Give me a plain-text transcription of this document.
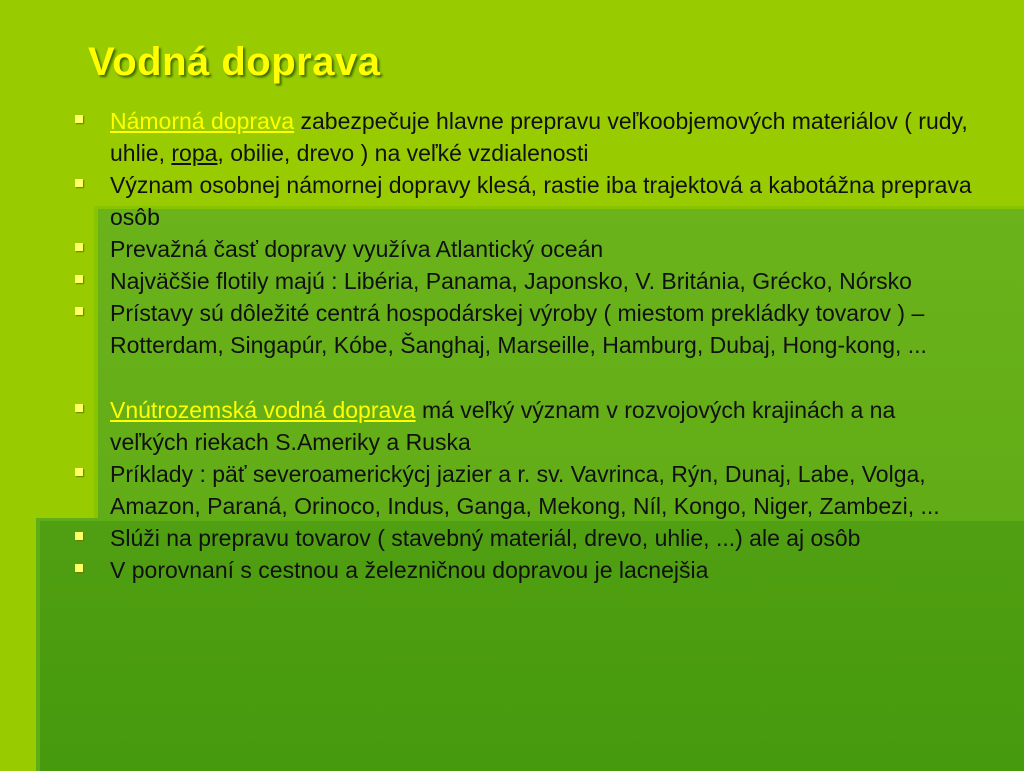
Vodná doprava
Námorná doprava zabezpečuje hlavne prepravu veľkoobjemových materiálov ( rudy, uhlie, ropa, obilie, drevo ) na veľké vzdialenosti
Význam osobnej námornej dopravy klesá, rastie iba trajektová a kabotážna preprava osôb
Prevažná časť dopravy využíva Atlantický oceán
Najväčšie flotily majú : Libéria, Panama, Japonsko, V. Británia, Grécko, Nórsko
Prístavy sú dôležité centrá hospodárskej výroby ( miestom prekládky tovarov ) – Rotterdam, Singapúr, Kóbe, Šanghaj, Marseille, Hamburg, Dubaj, Hong-kong, ...
Vnútrozemská vodná doprava má veľký význam v rozvojových krajinách a na veľkých riekach S.Ameriky a Ruska
Príklady : päť severoamerickýcj jazier a r. sv. Vavrinca, Rýn, Dunaj, Labe, Volga, Amazon, Paraná, Orinoco, Indus, Ganga, Mekong, Níl, Kongo, Niger, Zambezi, ...
Slúži na prepravu tovarov ( stavebný materiál, drevo, uhlie, ...) ale aj osôb
V porovnaní s cestnou a železničnou dopravou je lacnejšia
